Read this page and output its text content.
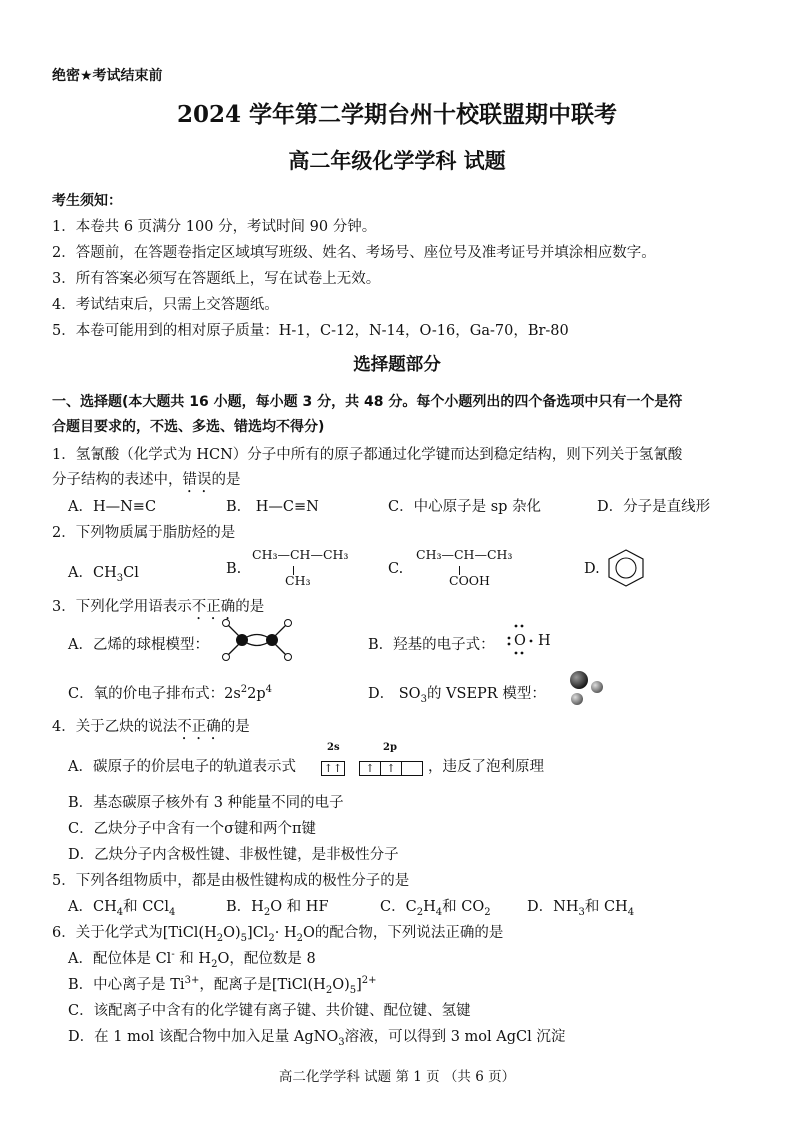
绝密★考试结束前
2024 学年第二学期台州十校联盟期中联考
高二年级化学学科 试题
考生须知：
1．本卷共 6 页满分 100 分，考试时间 90 分钟。
2．答题前，在答题卷指定区域填写班级、姓名、考场号、座位号及准考证号并填涂相应数字。
3．所有答案必须写在答题纸上，写在试卷上无效。
4．考试结束后，只需上交答题纸。
5．本卷可能用到的相对原子质量：H-1，C-12，N-14，O-16，Ga-70，Br-80
选择题部分
一、选择题(本大题共 16 小题，每小题 3 分，共 48 分。每个小题列出的四个备选项中只有一个是符
合题目要求的，不选、多选、错选均不得分)
1．氢氰酸（化学式为 HCN）分子中所有的原子都通过化学键而达到稳定结构，则下列关于氢氰酸
分子结构的表述中，错误的是
A．H—N≡C	B． H—C≡N	C．中心原子是 sp 杂化	D．分子是直线形
2．下列物质属于脂肪烃的是
A．$CH_3Cl$	B.
CH₃—CH—CH₃
CH₃
C.
CH₃—CH—CH₃
COOH
D.
3．下列化学用语表示不正确的是
A．乙烯的球棍模型：	B．羟基的电子式： O H
C．氧的价电子排布式：$2s^22p^4$	D． $SO_3$的 VSEPR 模型：
4．关于乙炔的说法不正确的是
A．碳原子的价层电子的轨道表示式
2s	2p
↑↑ ↑ ↑	，违反了泡利原理
B．基态碳原子核外有 3 种能量不同的电子
C．乙炔分子中含有一个σ键和两个π键
D．乙炔分子内含极性键、非极性键，是非极性分子
5．下列各组物质中，都是由极性键构成的极性分子的是
A．$CH_4$和 CCl$_4$	B．$H_2O$ 和 HF	C．$C_2H_4$和 $CO_2$	D．$NH_3$和 $CH_4$
6．关于化学式为$[TiCl(H_2O)_5]Cl_2\cdot H_2O$的配合物，下列说法正确的是
A．配位体是 Cl- 和 $H_2O$，配位数是 8
B．中心离子是 $Ti^{3+}$，配离子是$[TiCl(H_2O)_5]^{2+}$
C．该配离子中含有的化学键有离子键、共价键、配位键、氢键
D．在 1 mol 该配合物中加入足量 AgNO$_3$溶液，可以得到 3 mol AgCl 沉淀
高二化学学科 试题 第 1 页 （共 6 页）
